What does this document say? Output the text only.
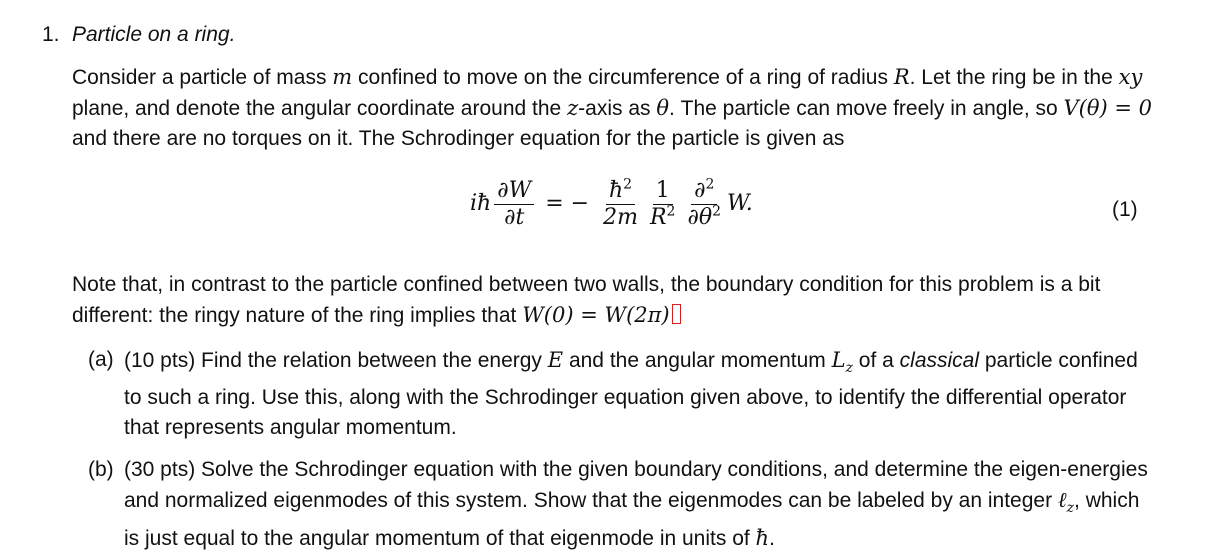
1. Particle on a ring.
Consider a particle of mass m confined to move on the circumference of a ring of radius R. Let the ring be in the xy plane, and denote the angular coordinate around the z-axis as θ. The particle can move freely in angle, so V(θ) = 0 and there are no torques on it. The Schrodinger equation for the particle is given as
iħ $\frac{\partial W}{\partial t}$ = − $\frac{ħ^2}{2m} \frac{1}{R^2} \frac{\partial^2}{\partial\theta^2} W$.	(1)
Note that, in contrast to the particle confined between two walls, the boundary condition for this problem is a bit different: the ringy nature of the ring implies that W(0) = W(2π)
(a) (10 pts) Find the relation between the energy E and the angular momentum $L_z$ of a classical particle confined to such a ring. Use this, along with the Schrodinger equation given above, to identify the differential operator that represents angular momentum.
(b) (30 pts) Solve the Schrodinger equation with the given boundary conditions, and determine the eigen-energies and normalized eigenmodes of this system. Show that the eigenmodes can be labeled by an integer ℓ$_z$, which is just equal to the angular momentum of that eigenmode in units of ħ.
